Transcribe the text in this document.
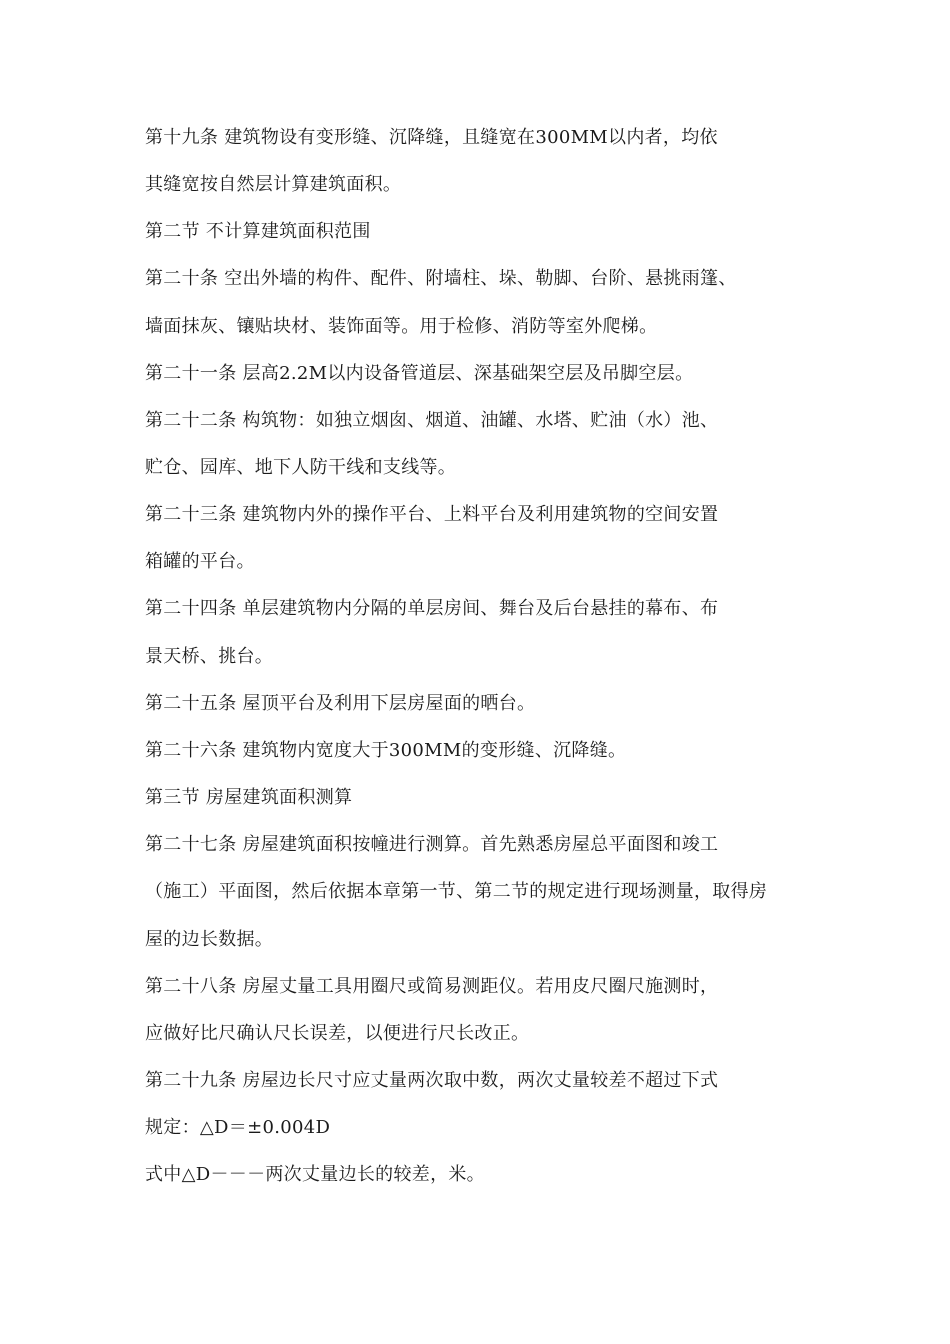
第十九条 建筑物设有变形缝、沉降缝，且缝宽在300MM以内者，均依

其缝宽按自然层计算建筑面积。

第二节 不计算建筑面积范围

第二十条 空出外墙的构件、配件、附墙柱、垛、勒脚、台阶、悬挑雨篷、

墙面抹灰、镶贴块材、装饰面等。用于检修、消防等室外爬梯。

第二十一条 层高2.2M以内设备管道层、深基础架空层及吊脚空层。

第二十二条 构筑物：如独立烟囱、烟道、油罐、水塔、贮油（水）池、

贮仓、园库、地下人防干线和支线等。

第二十三条 建筑物内外的操作平台、上料平台及利用建筑物的空间安置

箱罐的平台。

第二十四条 单层建筑物内分隔的单层房间、舞台及后台悬挂的幕布、布

景天桥、挑台。

第二十五条 屋顶平台及利用下层房屋面的晒台。

第二十六条 建筑物内宽度大于300MM的变形缝、沉降缝。

第三节 房屋建筑面积测算

第二十七条 房屋建筑面积按幢进行测算。首先熟悉房屋总平面图和竣工

（施工）平面图，然后依据本章第一节、第二节的规定进行现场测量，取得房

屋的边长数据。

第二十八条 房屋丈量工具用圈尺或简易测距仪。若用皮尺圈尺施测时，

应做好比尺确认尺长误差，以便进行尺长改正。

第二十九条 房屋边长尺寸应丈量两次取中数，两次丈量较差不超过下式

规定：△D＝±0.004D

式中△D－－－两次丈量边长的较差，米。
